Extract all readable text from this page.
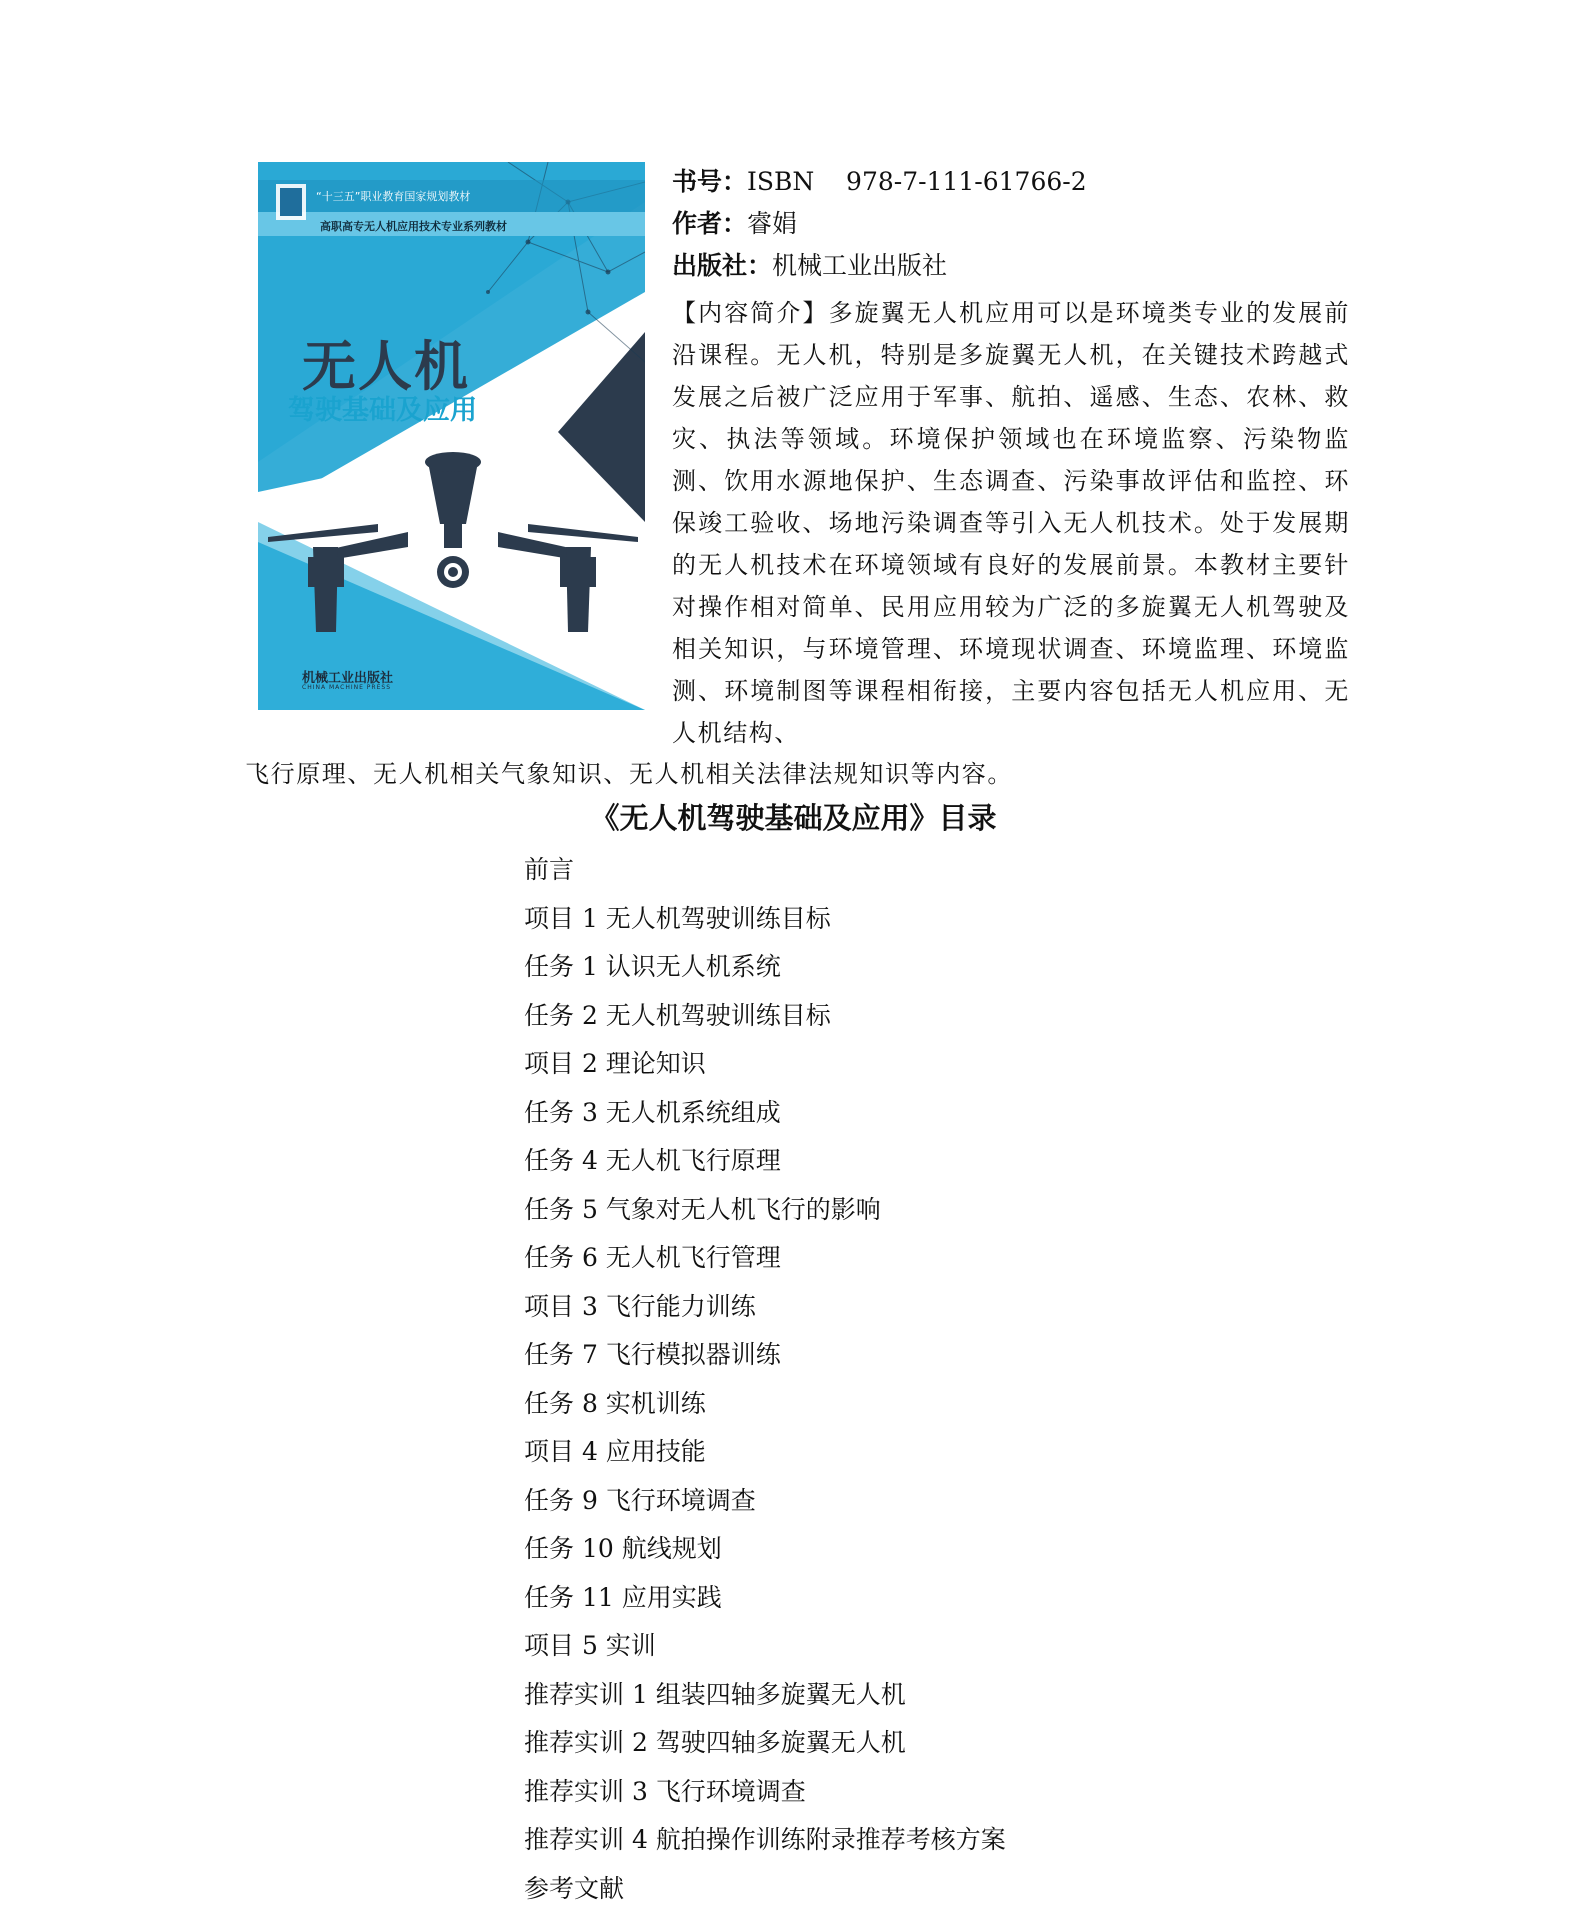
“十三五”职业教育国家规划教材
高职高专无人机应用技术专业系列教材
无人机
驾驶基础及应用
朱圣洁 主编
机械工业出版社
CHINA MACHINE PRESS
书号：ISBN    978-7-111-61766-2
作者：睿娟
出版社：机械工业出版社
【内容简介】多旋翼无人机应用可以是环境类专业的发展前沿课程。无人机，特别是多旋翼无人机，在关键技术跨越式发展之后被广泛应用于军事、航拍、遥感、生态、农林、救灾、执法等领域。环境保护领域也在环境监察、污染物监测、饮用水源地保护、生态调查、污染事故评估和监控、环保竣工验收、场地污染调查等引入无人机技术。处于发展期的无人机技术在环境领域有良好的发展前景。本教材主要针对操作相对简单、民用应用较为广泛的多旋翼无人机驾驶及相关知识，与环境管理、环境现状调查、环境监理、环境监测、环境制图等课程相衔接，主要内容包括无人机应用、无人机结构、
飞行原理、无人机相关气象知识、无人机相关法律法规知识等内容。
《无人机驾驶基础及应用》目录
前言
项目 1 无人机驾驶训练目标
任务 1 认识无人机系统
任务 2 无人机驾驶训练目标
项目 2 理论知识
任务 3 无人机系统组成
任务 4 无人机飞行原理
任务 5 气象对无人机飞行的影响
任务 6 无人机飞行管理
项目 3 飞行能力训练
任务 7 飞行模拟器训练
任务 8 实机训练
项目 4 应用技能
任务 9 飞行环境调查
任务 10 航线规划
任务 11 应用实践
项目 5 实训
推荐实训 1 组装四轴多旋翼无人机
推荐实训 2 驾驶四轴多旋翼无人机
推荐实训 3 飞行环境调查
推荐实训 4 航拍操作训练附录推荐考核方案
参考文献
